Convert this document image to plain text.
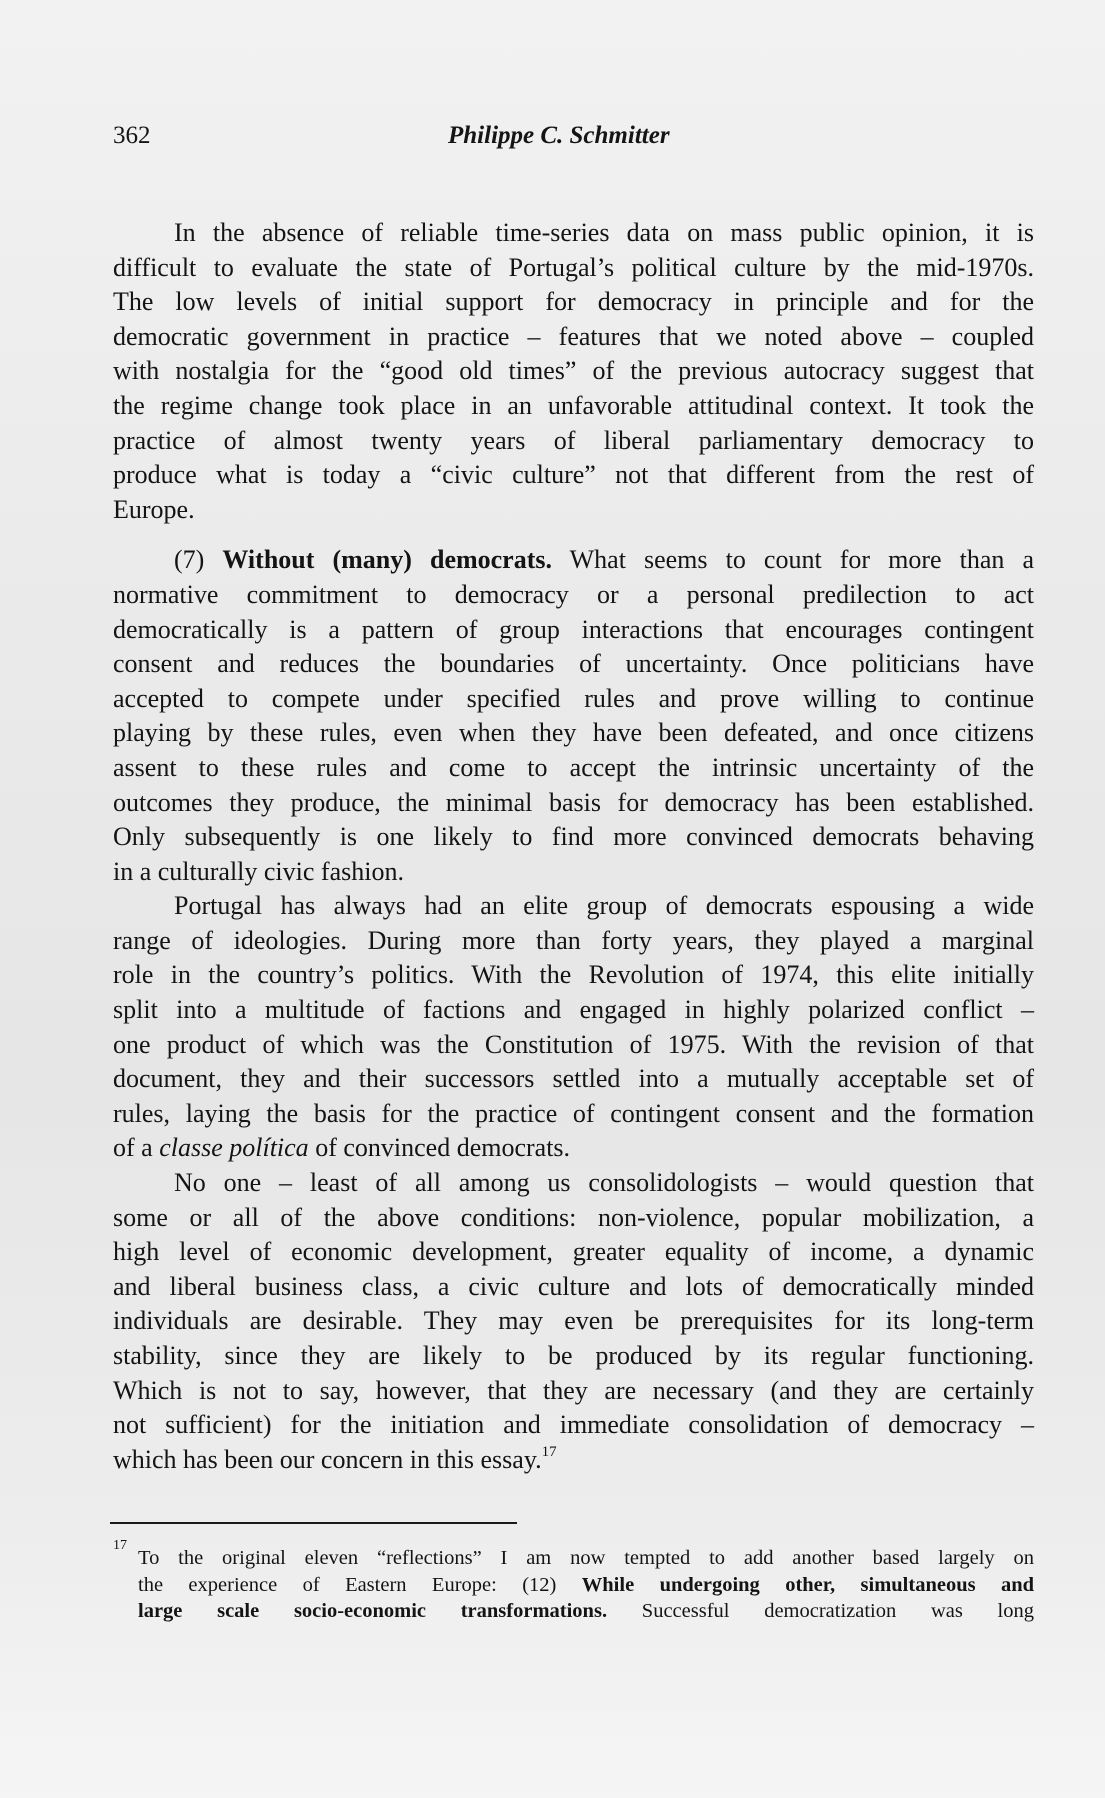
362	Philippe C. Schmitter
In the absence of reliable time-series data on mass public opinion, it is
difficult to evaluate the state of Portugal’s political culture by the mid-1970s.
The low levels of initial support for democracy in principle and for the
democratic government in practice – features that we noted above – coupled
with nostalgia for the “good old times” of the previous autocracy suggest that
the regime change took place in an unfavorable attitudinal context. It took the
practice of almost twenty years of liberal parliamentary democracy to
produce what is today a “civic culture” not that different from the rest of
Europe.
(7) Without (many) democrats. What seems to count for more than a
normative commitment to democracy or a personal predilection to act
democratically is a pattern of group interactions that encourages contingent
consent and reduces the boundaries of uncertainty. Once politicians have
accepted to compete under specified rules and prove willing to continue
playing by these rules, even when they have been defeated, and once citizens
assent to these rules and come to accept the intrinsic uncertainty of the
outcomes they produce, the minimal basis for democracy has been established.
Only subsequently is one likely to find more convinced democrats behaving
in a culturally civic fashion.
Portugal has always had an elite group of democrats espousing a wide
range of ideologies. During more than forty years, they played a marginal
role in the country’s politics. With the Revolution of 1974, this elite initially
split into a multitude of factions and engaged in highly polarized conflict –
one product of which was the Constitution of 1975. With the revision of that
document, they and their successors settled into a mutually acceptable set of
rules, laying the basis for the practice of contingent consent and the formation
of a classe política of convinced democrats.
No one – least of all among us consolidologists – would question that
some or all of the above conditions: non-violence, popular mobilization, a
high level of economic development, greater equality of income, a dynamic
and liberal business class, a civic culture and lots of democratically minded
individuals are desirable. They may even be prerequisites for its long-term
stability, since they are likely to be produced by its regular functioning.
Which is not to say, however, that they are necessary (and they are certainly
not sufficient) for the initiation and immediate consolidation of democracy –
which has been our concern in this essay.$^{17}$
17
To the original eleven “reflections” I am now tempted to add another based largely on
the experience of Eastern Europe: (12) While undergoing other, simultaneous and
large scale socio-economic transformations. Successful democratization was long
